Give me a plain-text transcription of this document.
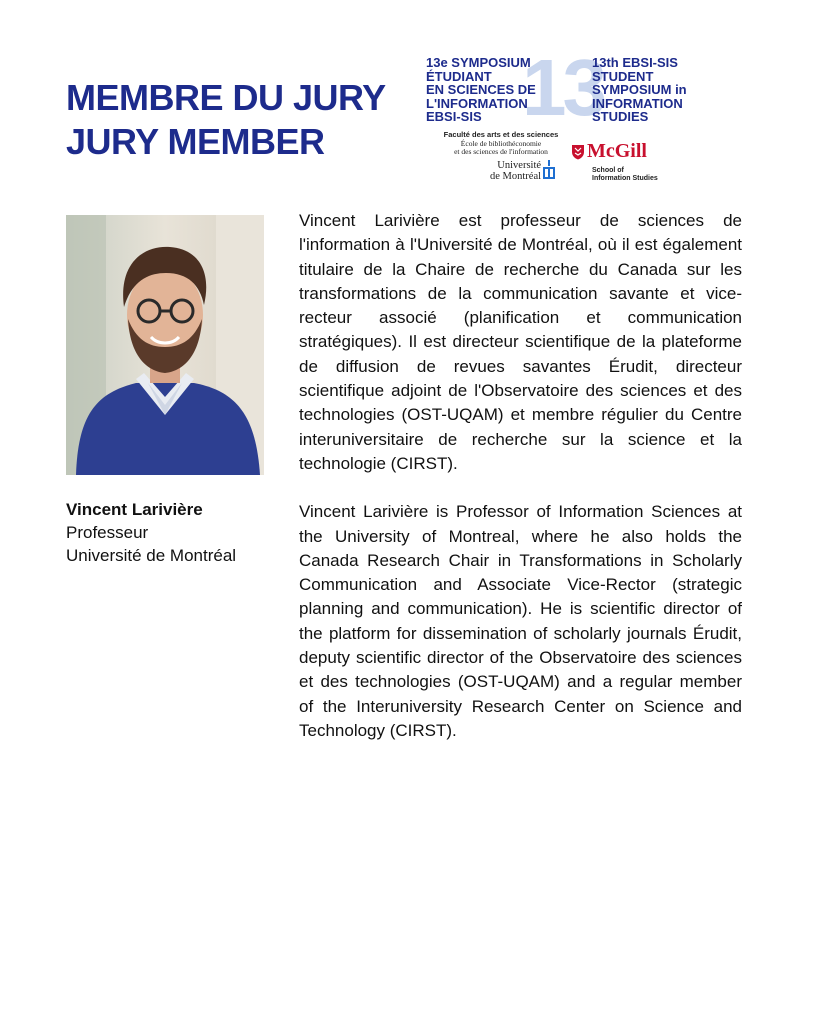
MEMBRE DU JURY
JURY MEMBER
13
13e SYMPOSIUM
ÉTUDIANT
EN SCIENCES DE
L'INFORMATION
EBSI-SIS
13th EBSI-SIS
STUDENT
SYMPOSIUM in
INFORMATION
STUDIES
Faculté des arts et des sciences
École de bibliothéconomie
et des sciences de l'information
Université
de Montréal
McGill
School of
Information Studies
Vincent Larivière
Professeur
Université de Montréal

Vincent Larivière est professeur de sciences de l'information à l'Université de Montréal, où il est également titulaire de la Chaire de recherche du Canada sur les transformations de la communication savante et vice-recteur associé (planification et communication stratégiques). Il est directeur scientifique de la plateforme de diffusion de revues savantes Érudit, directeur scientifique adjoint de l'Observatoire des sciences et des technologies (OST-UQAM) et membre régulier du Centre interuniversitaire de recherche sur la science et la technologie (CIRST).

Vincent Larivière is Professor of Information Sciences at the University of Montreal, where he also holds the Canada Research Chair in Transformations in Scholarly Communication and Associate Vice-Rector (strategic planning and communication). He is scientific director of the platform for dissemination of scholarly journals Érudit, deputy scientific director of the Observatoire des sciences et des technologies (OST-UQAM) and a regular member of the Interuniversity Research Center on Science and Technology (CIRST).
